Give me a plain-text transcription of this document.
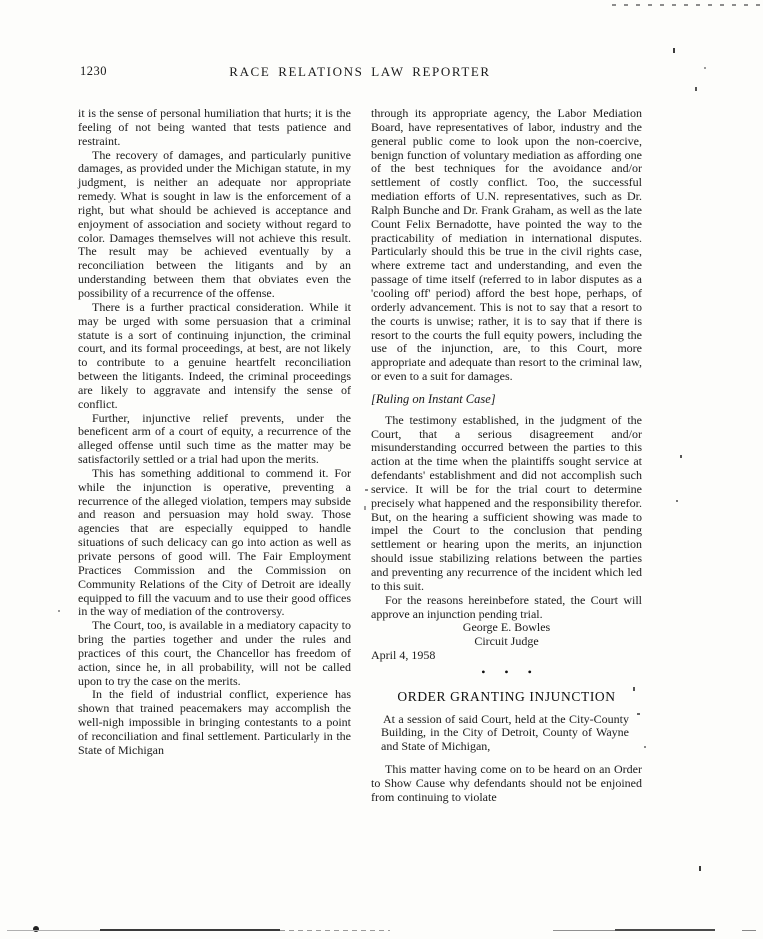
1230	RACE RELATIONS LAW REPORTER

it is the sense of personal humiliation that hurts; it is the feeling of not being wanted that tests patience and restraint.

The recovery of damages, and particularly punitive damages, as provided under the Michigan statute, in my judgment, is neither an adequate nor appropriate remedy. What is sought in law is the enforcement of a right, but what should be achieved is acceptance and enjoyment of association and society without regard to color. Damages themselves will not achieve this result. The result may be achieved eventually by a reconciliation between the litigants and by an understanding between them that obviates even the possibility of a recurrence of the offense.

There is a further practical consideration. While it may be urged with some persuasion that a criminal statute is a sort of continuing injunction, the criminal court, and its formal proceedings, at best, are not likely to contribute to a genuine heartfelt reconciliation between the litigants. Indeed, the criminal proceedings are likely to aggravate and intensify the sense of conflict.

Further, injunctive relief prevents, under the beneficent arm of a court of equity, a recurrence of the alleged offense until such time as the matter may be satisfactorily settled or a trial had upon the merits.

This has something additional to commend it. For while the injunction is operative, preventing a recurrence of the alleged violation, tempers may subside and reason and persuasion may hold sway. Those agencies that are especially equipped to handle situations of such delicacy can go into action as well as private persons of good will. The Fair Employment Practices Commission and the Commission on Community Relations of the City of Detroit are ideally equipped to fill the vacuum and to use their good offices in the way of mediation of the controversy.

The Court, too, is available in a mediatory capacity to bring the parties together and under the rules and practices of this court, the Chancellor has freedom of action, since he, in all probability, will not be called upon to try the case on the merits.

In the field of industrial conflict, experience has shown that trained peacemakers may accomplish the well-nigh impossible in bringing contestants to a point of reconciliation and final settlement. Particularly in the State of Michigan

through its appropriate agency, the Labor Mediation Board, have representatives of labor, industry and the general public come to look upon the non-coercive, benign function of voluntary mediation as affording one of the best techniques for the avoidance and/or settlement of costly conflict. Too, the successful mediation efforts of U.N. representatives, such as Dr. Ralph Bunche and Dr. Frank Graham, as well as the late Count Felix Bernadotte, have pointed the way to the practicability of mediation in international disputes. Particularly should this be true in the civil rights case, where extreme tact and understanding, and even the passage of time itself (referred to in labor disputes as a 'cooling off' period) afford the best hope, perhaps, of orderly advancement. This is not to say that a resort to the courts is unwise; rather, it is to say that if there is resort to the courts the full equity powers, including the use of the injunction, are, to this Court, more appropriate and adequate than resort to the criminal law, or even to a suit for damages.

[Ruling on Instant Case]

The testimony established, in the judgment of the Court, that a serious disagreement and/or misunderstanding occurred between the parties to this action at the time when the plaintiffs sought service at defendants' establishment and did not accomplish such service. It will be for the trial court to determine precisely what happened and the responsibility therefor. But, on the hearing a sufficient showing was made to impel the Court to the conclusion that pending settlement or hearing upon the merits, an injunction should issue stabilizing relations between the parties and preventing any recurrence of the incident which led to this suit.

For the reasons hereinbefore stated, the Court will approve an injunction pending trial.

George E. Bowles
Circuit Judge
April 4, 1958
• • •
ORDER GRANTING INJUNCTION

At a session of said Court, held at the City-County Building, in the City of Detroit, County of Wayne and State of Michigan,

This matter having come on to be heard on an Order to Show Cause why defendants should not be enjoined from continuing to violate
